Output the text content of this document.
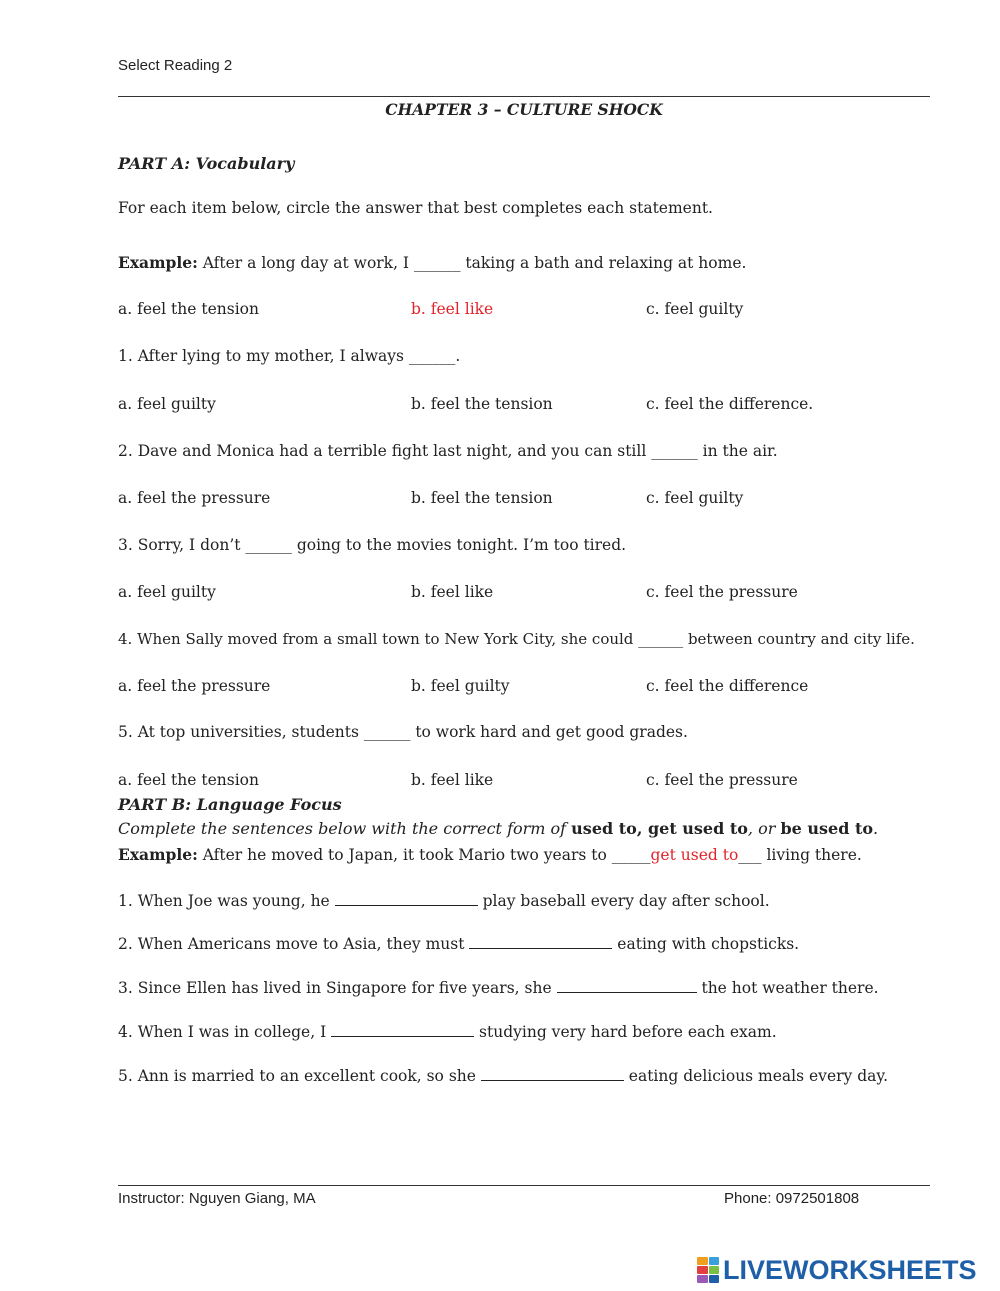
Select Reading 2
CHAPTER 3 – CULTURE SHOCK
PART A: Vocabulary
For each item below, circle the answer that best completes each statement.
Example: After a long day at work, I ______ taking a bath and relaxing at home.
a. feel the tension	b. feel like	c. feel guilty
1. After lying to my mother, I always ______.
a. feel guilty	b. feel the tension	c. feel the difference.
2. Dave and Monica had a terrible fight last night, and you can still ______ in the air.
a. feel the pressure	b. feel the tension	c. feel guilty
3. Sorry, I don’t ______ going to the movies tonight. I’m too tired.
a. feel guilty	b. feel like	c. feel the pressure
4. When Sally moved from a small town to New York City, she could ______ between country and city life.
a. feel the pressure	b. feel guilty	c. feel the difference
5. At top universities, students ______ to work hard and get good grades.
a. feel the tension	b. feel like	c. feel the pressure
PART B: Language Focus
Complete the sentences below with the correct form of used to, get used to, or be used to.
Example: After he moved to Japan, it took Mario two years to _____get used to___ living there.
1. When Joe was young, he	play baseball every day after school.
2. When Americans move to Asia, they must	eating with chopsticks.
3. Since Ellen has lived in Singapore for five years, she	the hot weather there.
4. When I was in college, I	studying very hard before each exam.
5. Ann is married to an excellent cook, so she	eating delicious meals every day.
Instructor: Nguyen Giang, MA	Phone: 0972501808
LIVEWORKSHEETS
